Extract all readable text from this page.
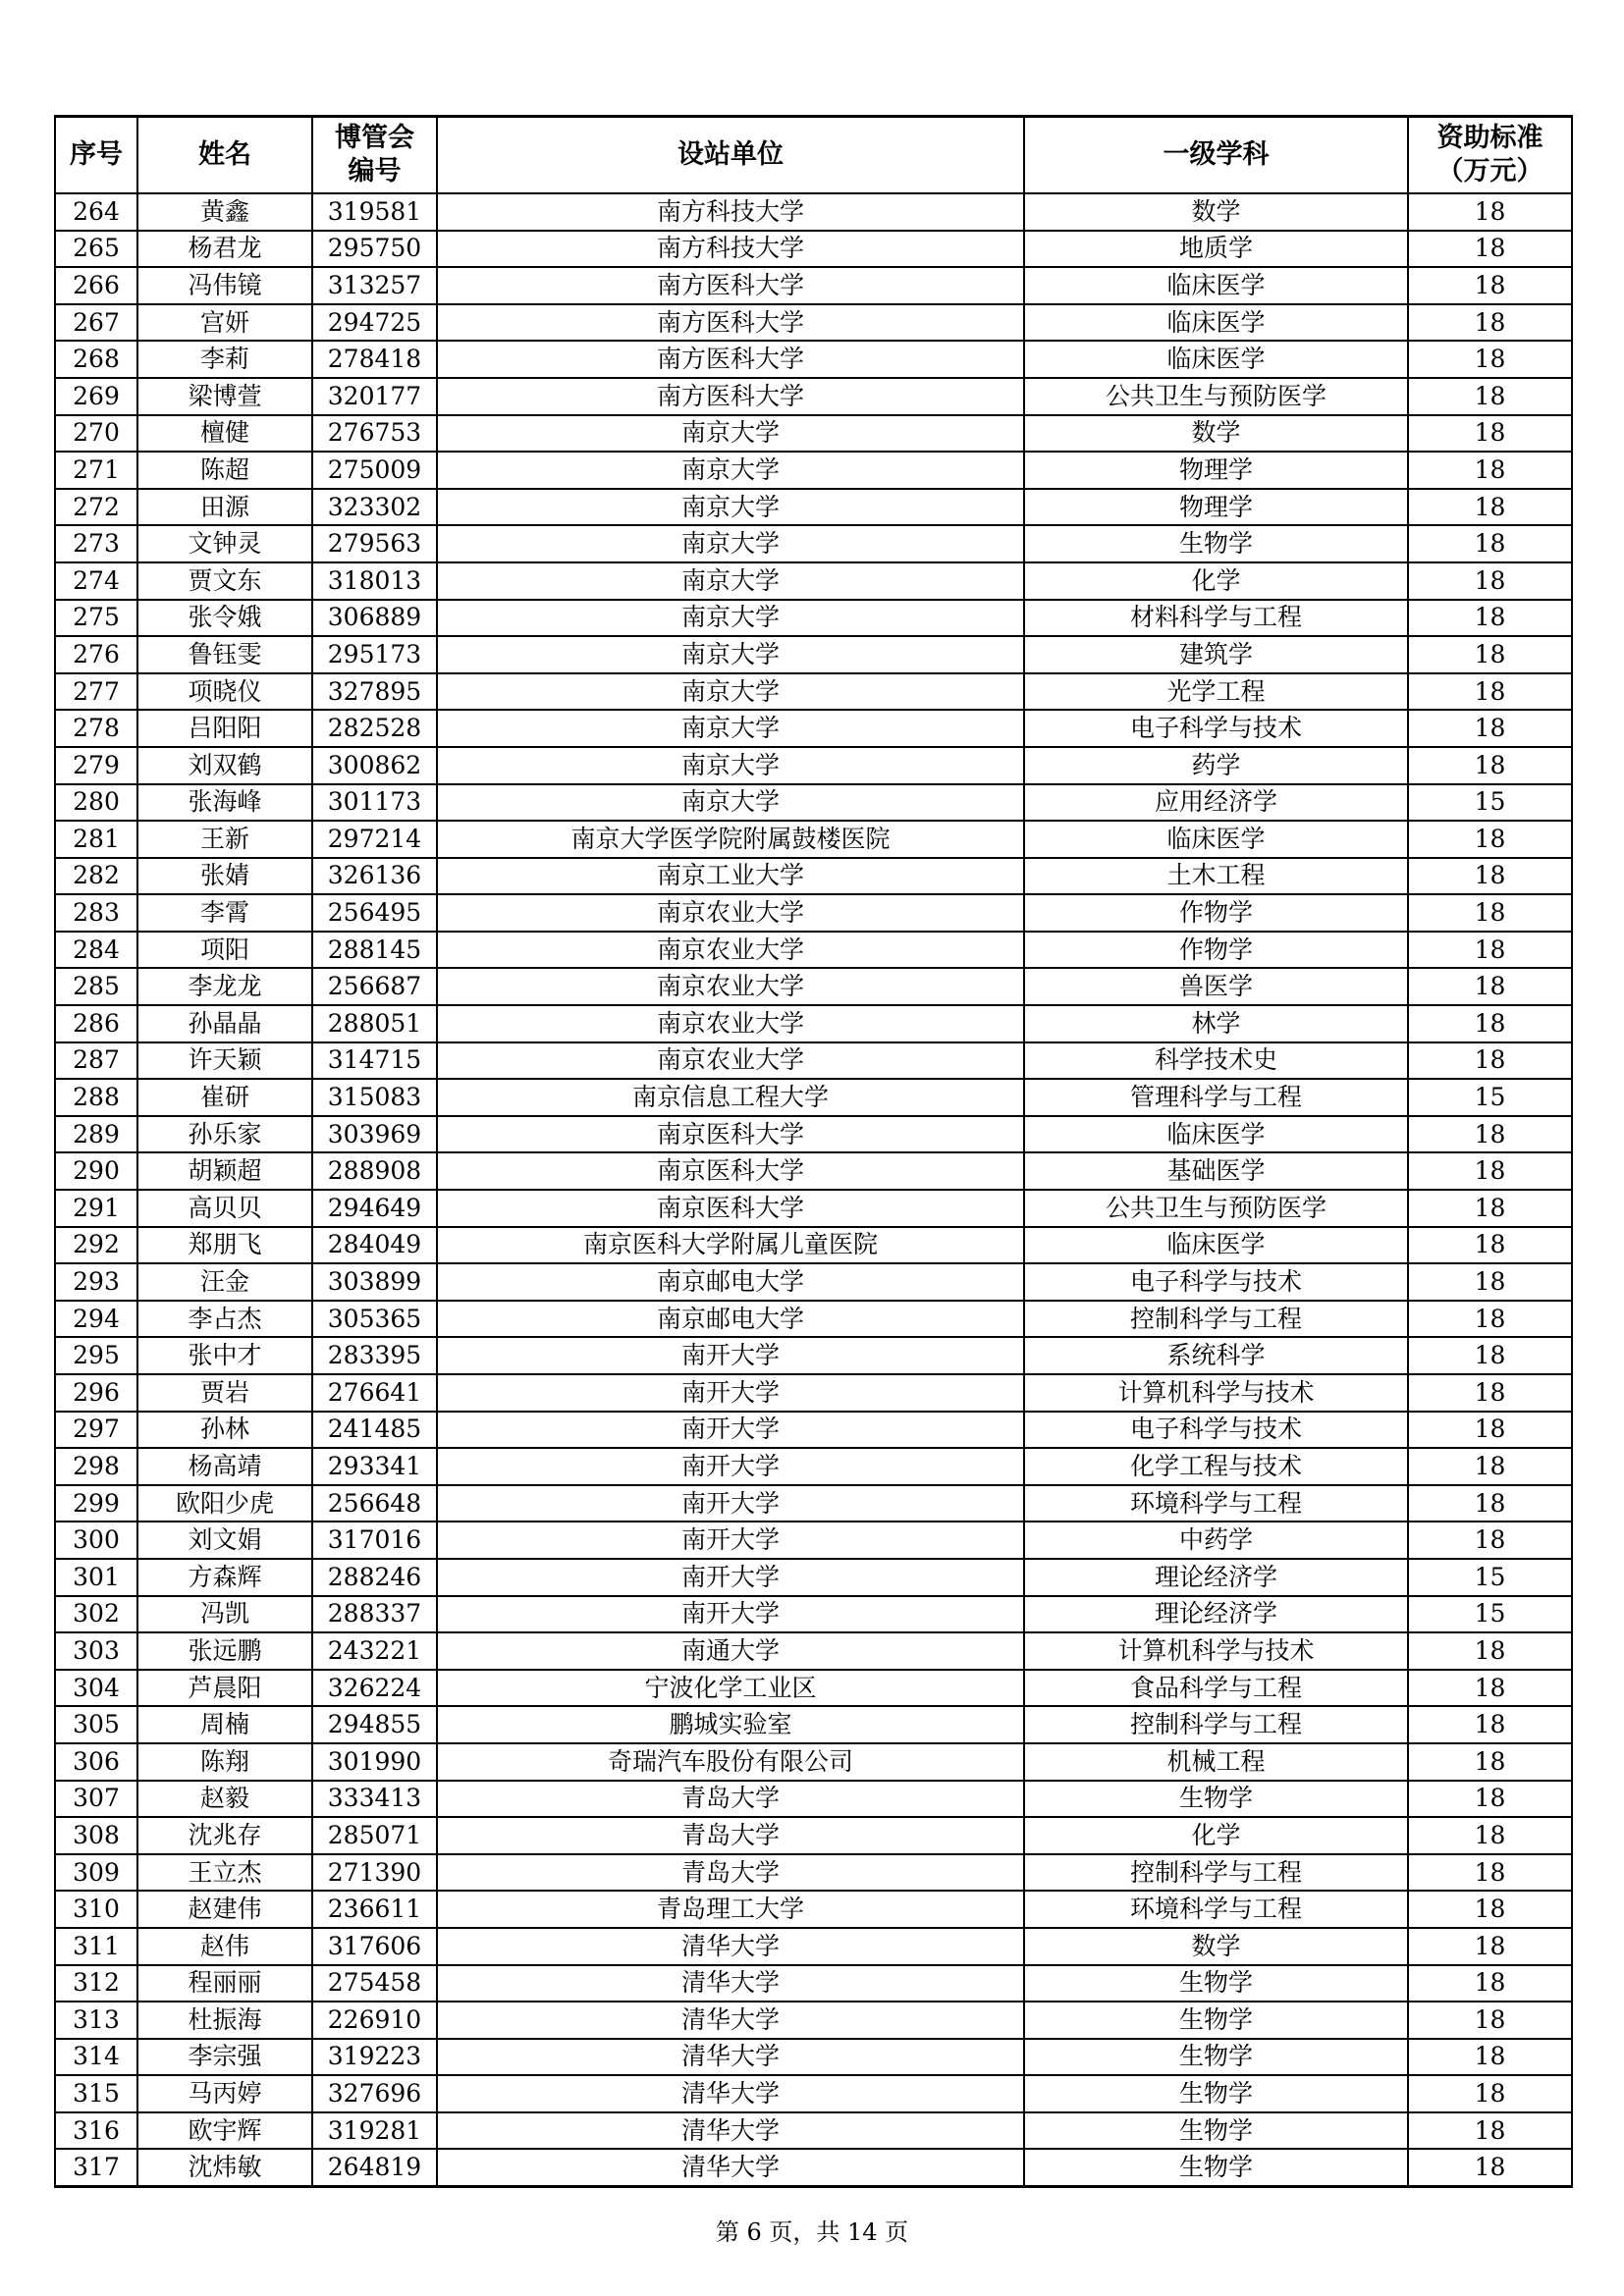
序号	姓名	博管会编号	设站单位	一级学科	资助标准（万元）
264	黄鑫	319581	南方科技大学	数学	18
265	杨君龙	295750	南方科技大学	地质学	18
266	冯伟镜	313257	南方医科大学	临床医学	18
267	宫妍	294725	南方医科大学	临床医学	18
268	李莉	278418	南方医科大学	临床医学	18
269	梁博萱	320177	南方医科大学	公共卫生与预防医学	18
270	檀健	276753	南京大学	数学	18
271	陈超	275009	南京大学	物理学	18
272	田源	323302	南京大学	物理学	18
273	文钟灵	279563	南京大学	生物学	18
274	贾文东	318013	南京大学	化学	18
275	张令娥	306889	南京大学	材料科学与工程	18
276	鲁钰雯	295173	南京大学	建筑学	18
277	项晓仪	327895	南京大学	光学工程	18
278	吕阳阳	282528	南京大学	电子科学与技术	18
279	刘双鹤	300862	南京大学	药学	18
280	张海峰	301173	南京大学	应用经济学	15
281	王新	297214	南京大学医学院附属鼓楼医院	临床医学	18
282	张婧	326136	南京工业大学	土木工程	18
283	李霄	256495	南京农业大学	作物学	18
284	项阳	288145	南京农业大学	作物学	18
285	李龙龙	256687	南京农业大学	兽医学	18
286	孙晶晶	288051	南京农业大学	林学	18
287	许天颖	314715	南京农业大学	科学技术史	18
288	崔研	315083	南京信息工程大学	管理科学与工程	15
289	孙乐家	303969	南京医科大学	临床医学	18
290	胡颖超	288908	南京医科大学	基础医学	18
291	高贝贝	294649	南京医科大学	公共卫生与预防医学	18
292	郑朋飞	284049	南京医科大学附属儿童医院	临床医学	18
293	汪金	303899	南京邮电大学	电子科学与技术	18
294	李占杰	305365	南京邮电大学	控制科学与工程	18
295	张中才	283395	南开大学	系统科学	18
296	贾岩	276641	南开大学	计算机科学与技术	18
297	孙林	241485	南开大学	电子科学与技术	18
298	杨高靖	293341	南开大学	化学工程与技术	18
299	欧阳少虎	256648	南开大学	环境科学与工程	18
300	刘文娟	317016	南开大学	中药学	18
301	方森辉	288246	南开大学	理论经济学	15
302	冯凯	288337	南开大学	理论经济学	15
303	张远鹏	243221	南通大学	计算机科学与技术	18
304	芦晨阳	326224	宁波化学工业区	食品科学与工程	18
305	周楠	294855	鹏城实验室	控制科学与工程	18
306	陈翔	301990	奇瑞汽车股份有限公司	机械工程	18
307	赵毅	333413	青岛大学	生物学	18
308	沈兆存	285071	青岛大学	化学	18
309	王立杰	271390	青岛大学	控制科学与工程	18
310	赵建伟	236611	青岛理工大学	环境科学与工程	18
311	赵伟	317606	清华大学	数学	18
312	程丽丽	275458	清华大学	生物学	18
313	杜振海	226910	清华大学	生物学	18
314	李宗强	319223	清华大学	生物学	18
315	马丙婷	327696	清华大学	生物学	18
316	欧宇辉	319281	清华大学	生物学	18
317	沈炜敏	264819	清华大学	生物学	18
第 6 页，共 14 页
